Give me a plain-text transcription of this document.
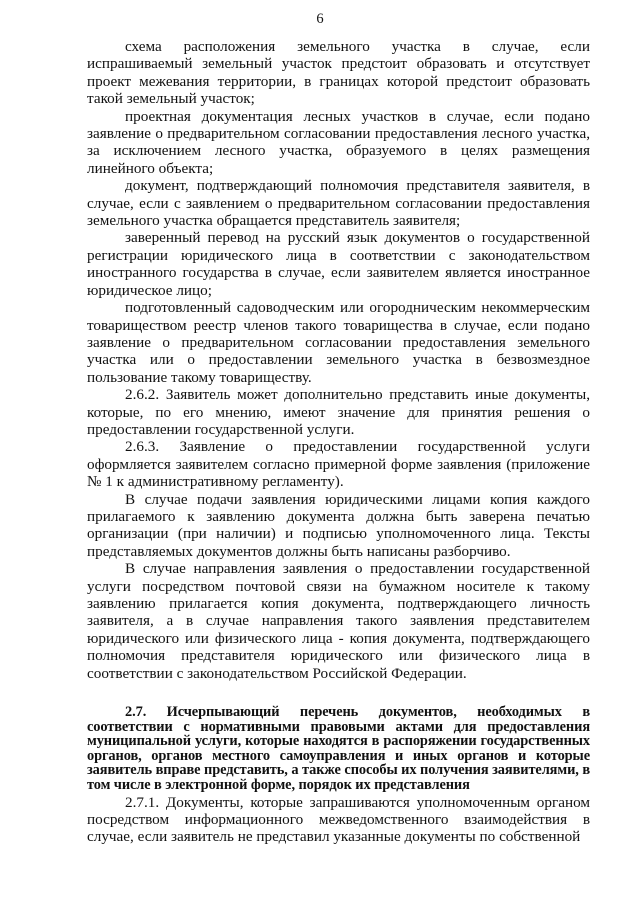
6

схема расположения земельного участка в случае, если испрашиваемый земельный участок предстоит образовать и отсутствует проект межевания территории, в границах которой предстоит образовать такой земельный участок;

проектная документация лесных участков в случае, если подано заявление о предварительном согласовании предоставления лесного участка, за исключением лесного участка, образуемого в целях размещения линейного объекта;

документ, подтверждающий полномочия представителя заявителя, в случае, если с заявлением о предварительном согласовании предоставления земельного участка обращается представитель заявителя;

заверенный перевод на русский язык документов о государственной регистрации юридического лица в соответствии с законодательством иностранного государства в случае, если заявителем является иностранное юридическое лицо;

подготовленный садоводческим или огородническим некоммерческим товариществом реестр членов такого товарищества в случае, если подано заявление о предварительном согласовании предоставления земельного участка или о предоставлении земельного участка в безвозмездное пользование такому товариществу.

2.6.2. Заявитель может дополнительно представить иные документы, которые, по его мнению, имеют значение для принятия решения о предоставлении государственной услуги.

2.6.3. Заявление о предоставлении государственной услуги оформляется заявителем согласно примерной форме заявления (приложение № 1 к административному регламенту).

В случае подачи заявления юридическими лицами копия каждого прилагаемого к заявлению документа должна быть заверена печатью организации (при наличии) и подписью уполномоченного лица. Тексты представляемых документов должны быть написаны разборчиво.

В случае направления заявления о предоставлении государственной услуги посредством почтовой связи на бумажном носителе к такому заявлению прилагается копия документа, подтверждающего личность заявителя, а в случае направления такого заявления представителем юридического или физического лица - копия документа, подтверждающего полномочия представителя юридического или физического лица в соответствии с законодательством Российской Федерации.

2.7. Исчерпывающий перечень документов, необходимых в соответствии с нормативными правовыми актами для предоставления муниципальной услуги, которые находятся в распоряжении государственных органов, органов местного самоуправления и иных органов и которые заявитель вправе представить, а также способы их получения заявителями, в том числе в электронной форме, порядок их представления

2.7.1. Документы, которые запрашиваются уполномоченным органом посредством информационного межведомственного взаимодействия в случае, если заявитель не представил указанные документы по собственной
